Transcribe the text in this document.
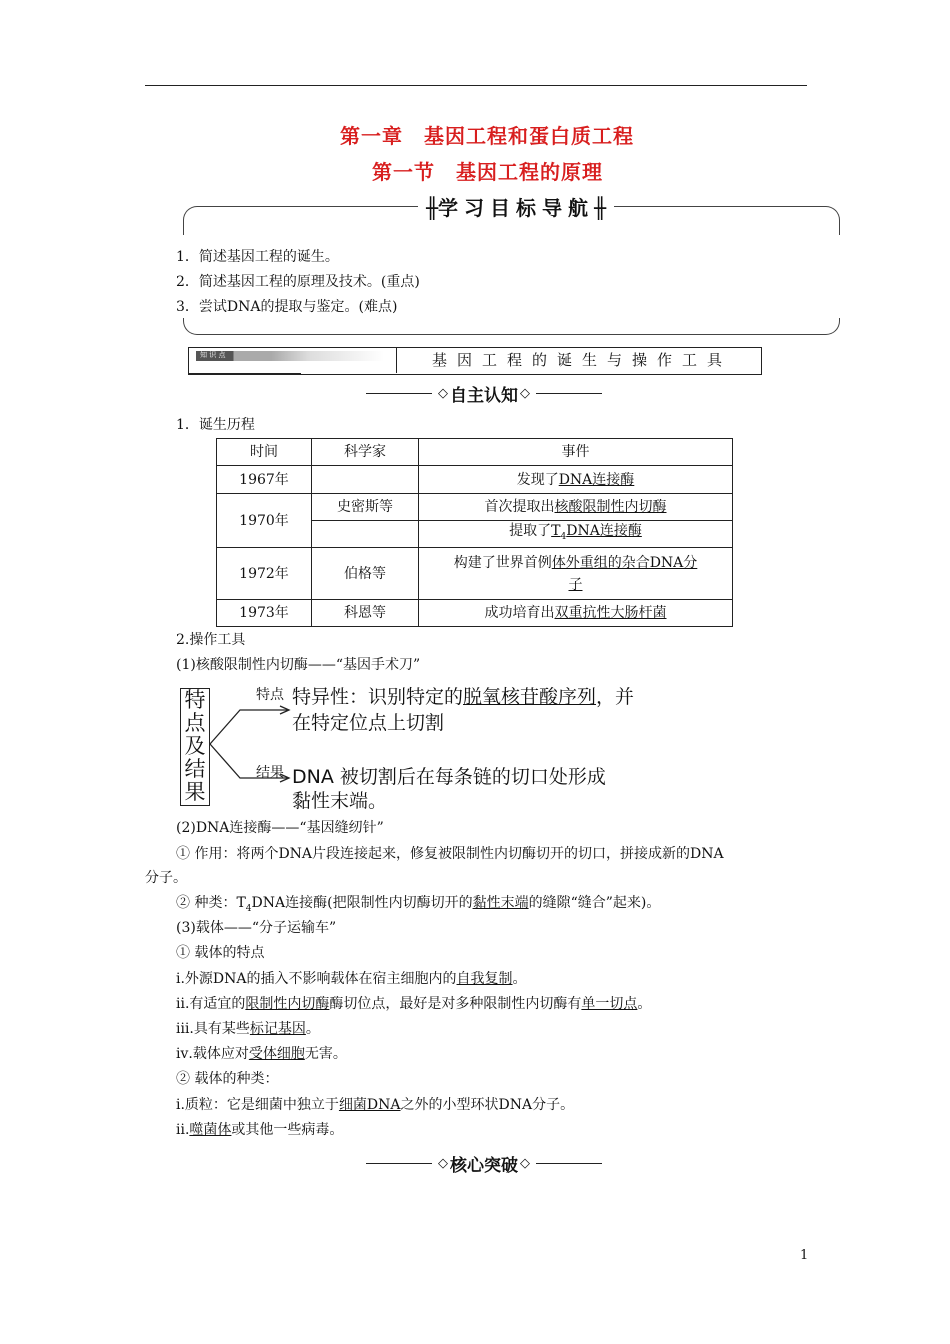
第一章　基因工程和蛋白质工程
第一节　基因工程的原理
╫学习目标导航╫
1．简述基因工程的诞生。
2．简述基因工程的原理及技术。(重点)
3．尝试DNA的提取与鉴定。(难点)
知 识 点	基因工程的诞生与操作工具
◇ 自主认知 ◇
1．诞生历程
时间	科学家	事件
1967年		发现了DNA连接酶
1970年	史密斯等	首次提取出核酸限制性内切酶
		提取了$T_4DNA$连接酶
1972年	伯格等	构建了世界首例体外重组的杂合DNA分
子
1973年	科恩等	成功培育出双重抗性大肠杆菌
2.操作工具
(1)核酸限制性内切酶——“基因手术刀”
特
点
及
结
果
特点 特异性：识别特定的脱氧核苷酸序列，并
在特定位点上切割
结果 DNA 被切割后在每条链的切口处形成
黏性末端。
(2)DNA连接酶——“基因缝纫针”
① 作用：将两个DNA片段连接起来，修复被限制性内切酶切开的切口，拼接成新的DNA
分子。
② 种类：$T_4DNA$连接酶(把限制性内切酶切开的黏性末端的缝隙“缝合”起来)。
(3)载体——“分子运输车”
① 载体的特点
ⅰ.外源DNA的插入不影响载体在宿主细胞内的自我复制。
ⅱ.有适宜的限制性内切酶酶切位点，最好是对多种限制性内切酶有单一切点。
ⅲ.具有某些标记基因。
ⅳ.载体应对受体细胞无害。
② 载体的种类：
ⅰ.质粒：它是细菌中独立于细菌DNA之外的小型环状DNA分子。
ⅱ.噬菌体或其他一些病毒。
◇ 核心突破 ◇
1
